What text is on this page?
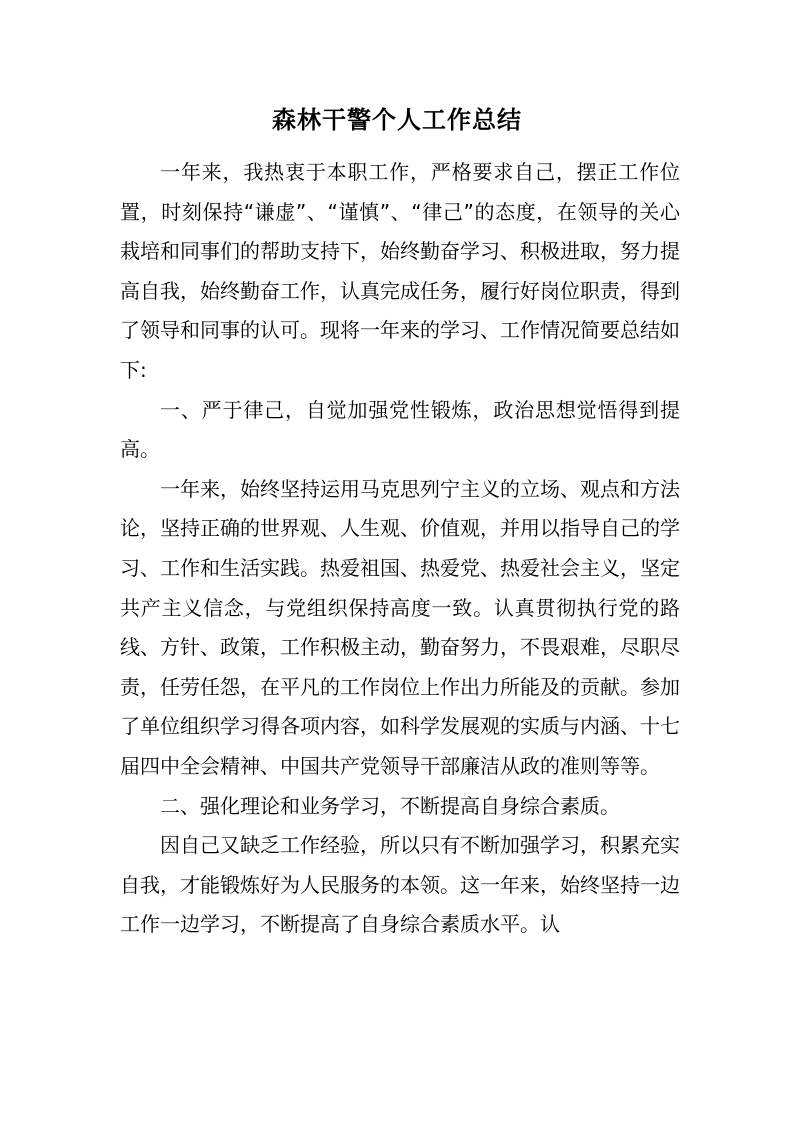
森林干警个人工作总结

一年来，我热衷于本职工作，严格要求自己，摆正工作位置，时刻保持“谦虚”、“谨慎”、“律己”的态度，在领导的关心栽培和同事们的帮助支持下，始终勤奋学习、积极进取，努力提高自我，始终勤奋工作，认真完成任务，履行好岗位职责，得到了领导和同事的认可。现将一年来的学习、工作情况简要总结如下:

一、严于律己，自觉加强党性锻炼，政治思想觉悟得到提高。

一年来，始终坚持运用马克思列宁主义的立场、观点和方法论，坚持正确的世界观、人生观、价值观，并用以指导自己的学习、工作和生活实践。热爱祖国、热爱党、热爱社会主义，坚定共产主义信念，与党组织保持高度一致。认真贯彻执行党的路线、方针、政策，工作积极主动，勤奋努力，不畏艰难，尽职尽责，任劳任怨，在平凡的工作岗位上作出力所能及的贡献。参加了单位组织学习得各项内容，如科学发展观的实质与内涵、十七届四中全会精神、中国共产党领导干部廉洁从政的准则等等。

二、强化理论和业务学习，不断提高自身综合素质。

因自己又缺乏工作经验，所以只有不断加强学习，积累充实自我，才能锻炼好为人民服务的本领。这一年来，始终坚持一边工作一边学习，不断提高了自身综合素质水平。认
